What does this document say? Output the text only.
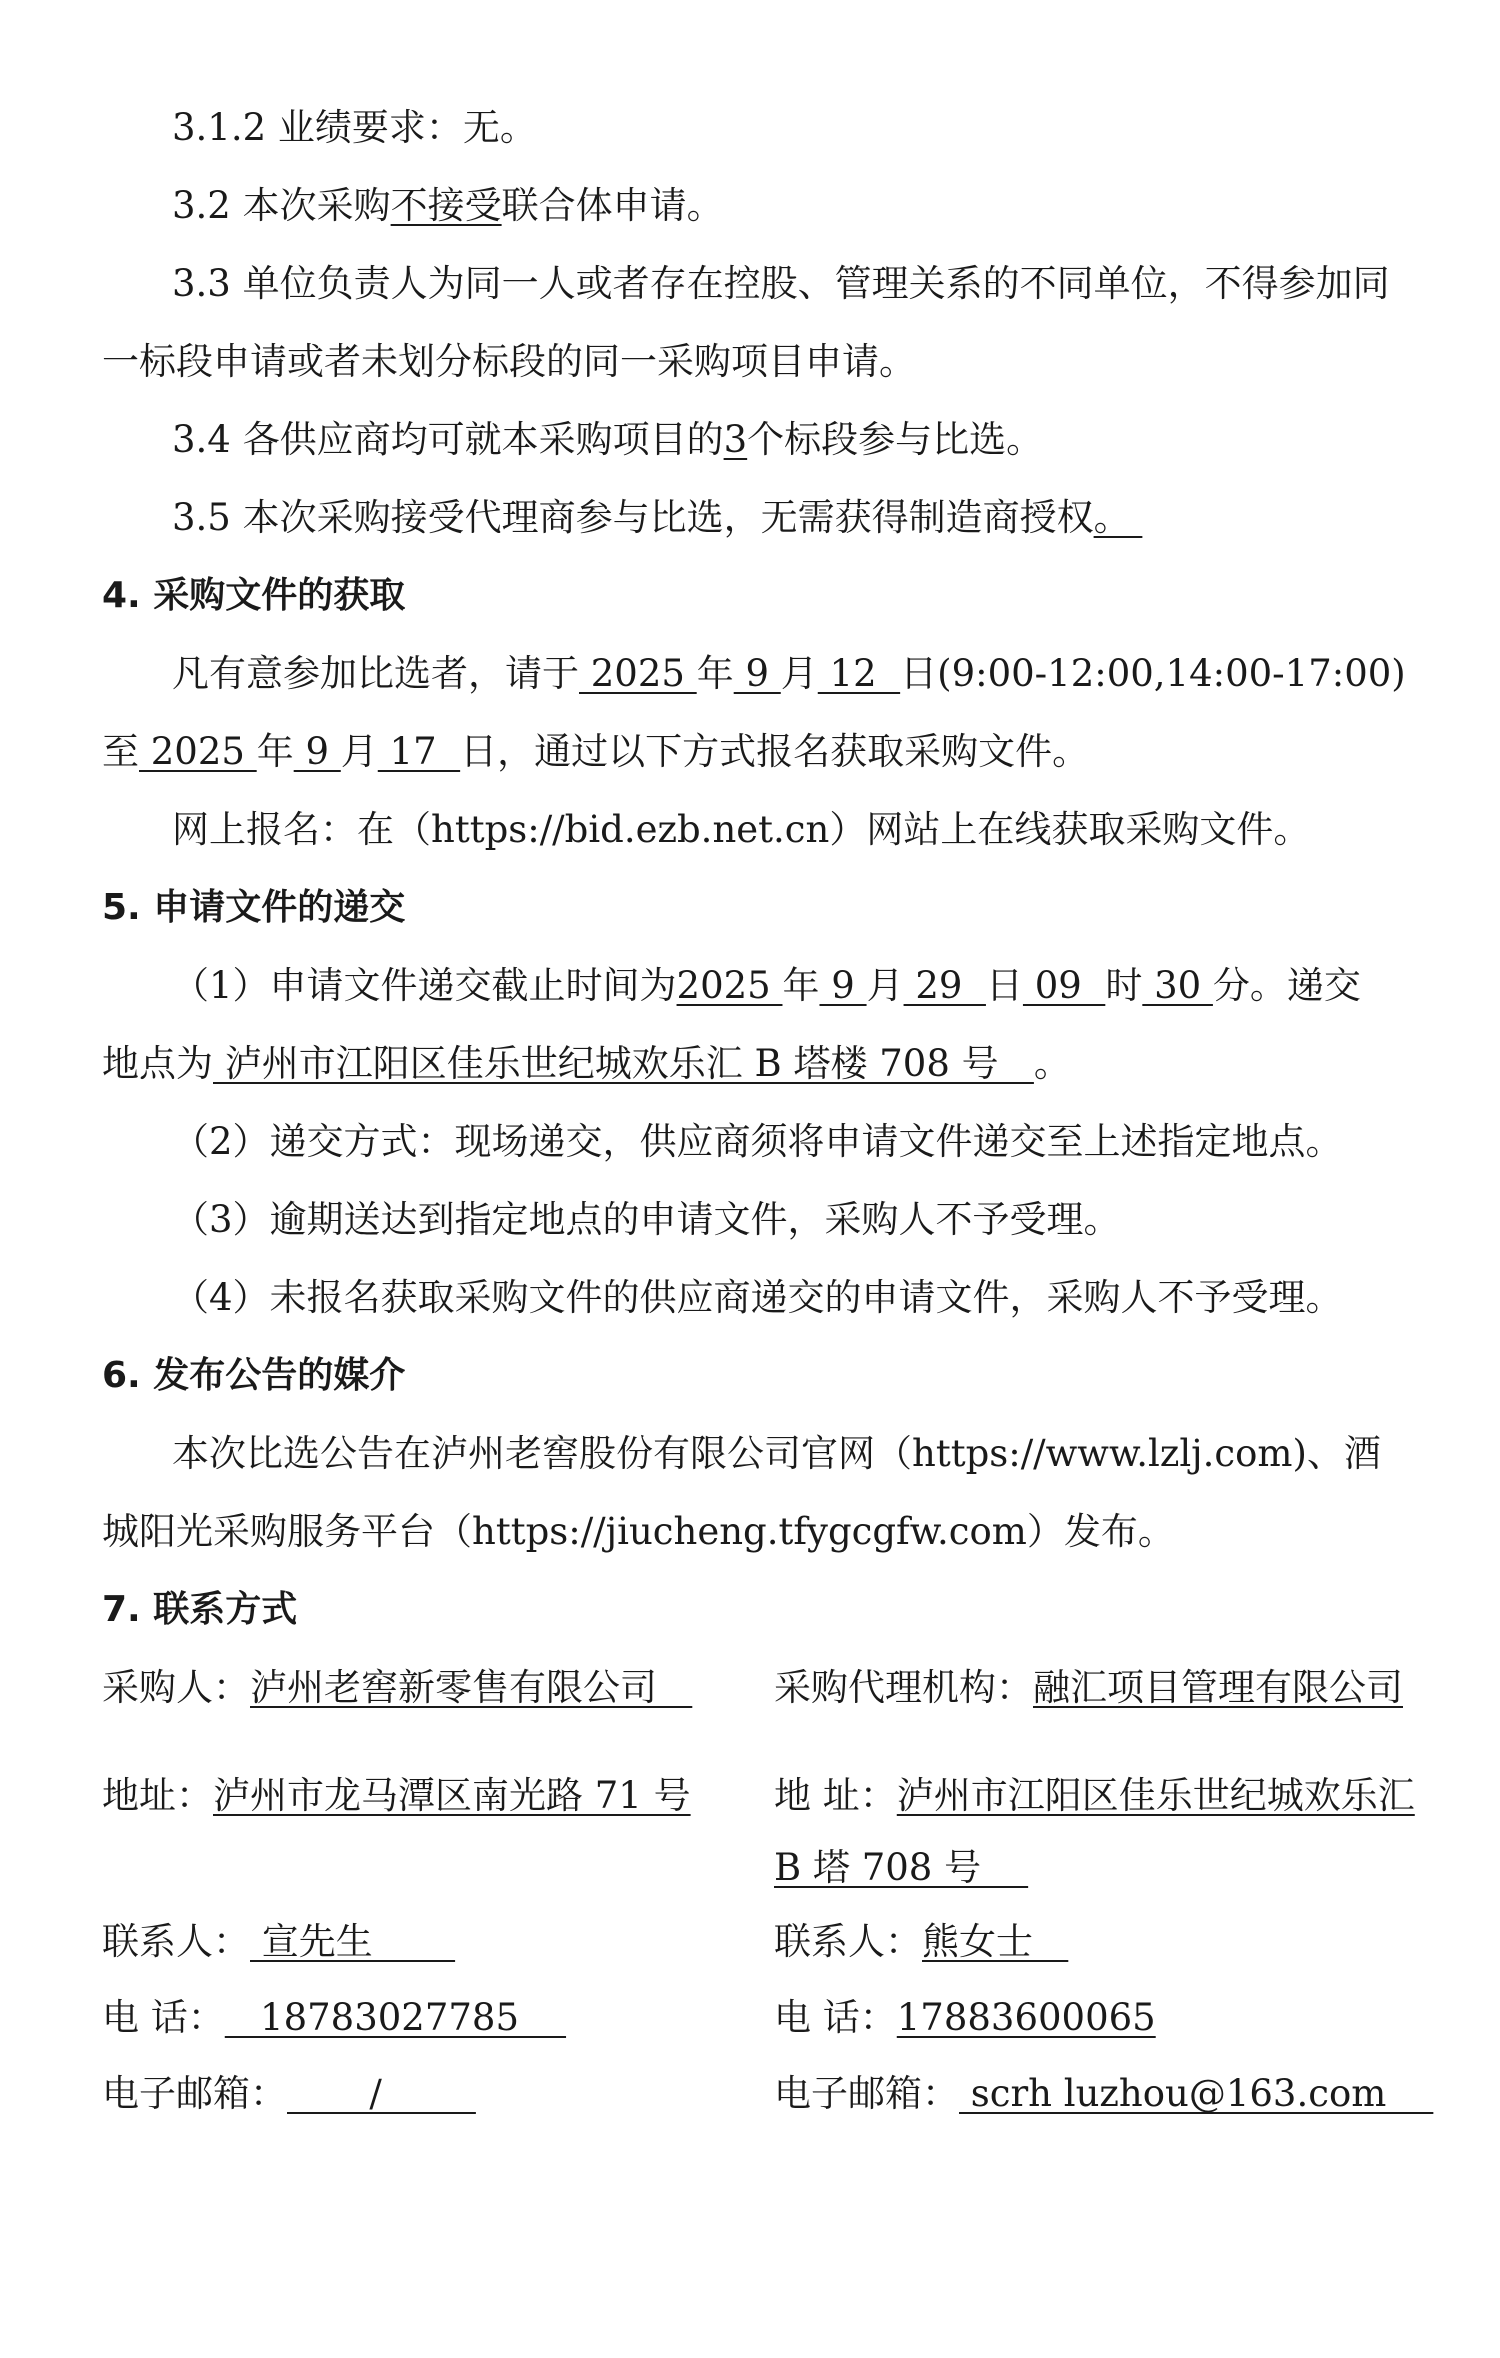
3.1.2 业绩要求：无。
3.2 本次采购不接受联合体申请。
3.3 单位负责人为同一人或者存在控股、管理关系的不同单位，不得参加同
一标段申请或者未划分标段的同一采购项目申请。
3.4 各供应商均可就本采购项目的3个标段参与比选。
3.5 本次采购接受代理商参与比选，无需获得制造商授权。
4. 采购文件的获取
凡有意参加比选者，请于 2025 年 9 月 12  日(9:00-12:00,14:00-17:00)
至 2025 年 9 月 17  日，通过以下方式报名获取采购文件。
网上报名：在（https://bid.ezb.net.cn）网站上在线获取采购文件。
5. 申请文件的递交
（1）申请文件递交截止时间为2025 年 9 月 29  日 09  时 30 分。递交
地点为 泸州市江阳区佳乐世纪城欢乐汇 B 塔楼 708 号   。
（2）递交方式：现场递交，供应商须将申请文件递交至上述指定地点。
（3）逾期送达到指定地点的申请文件，采购人不予受理。
（4）未报名获取采购文件的供应商递交的申请文件，采购人不予受理。
6. 发布公告的媒介
本次比选公告在泸州老窖股份有限公司官网（https://www.lzlj.com)、酒
城阳光采购服务平台（https://jiucheng.tfygcgfw.com）发布。
7. 联系方式
采购人：泸州老窖新零售有限公司 采购代理机构：融汇项目管理有限公司
地址：泸州市龙马潭区南光路 71 号 地 址：泸州市江阳区佳乐世纪城欢乐汇
B 塔 708 号
联系人： 宣先生	联系人：熊女士
电 话：   18783027785	电 话：17883600065
电子邮箱：       /	电子邮箱： scrh luzhou@163.com
